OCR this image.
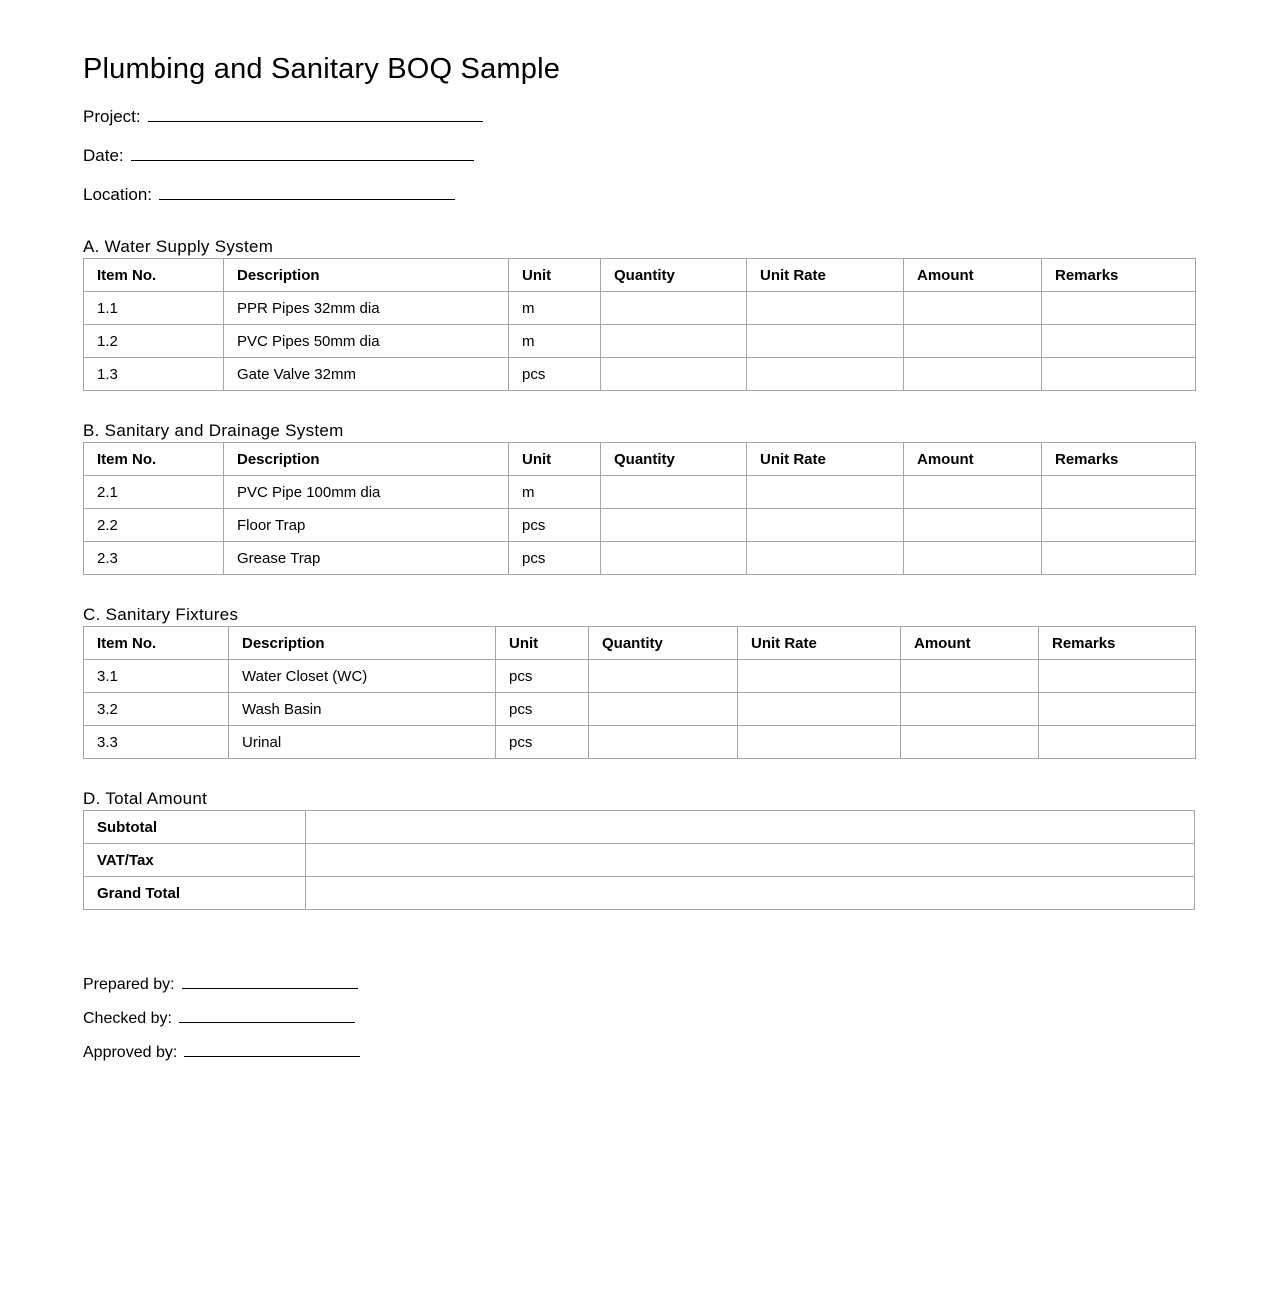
Plumbing and Sanitary BOQ Sample
Project:
Date:
Location:
A. Water Supply System
Item No.	Description	Unit	Quantity	Unit Rate	Amount	Remarks
1.1	PPR Pipes 32mm dia	m				
1.2	PVC Pipes 50mm dia	m				
1.3	Gate Valve 32mm	pcs				
B. Sanitary and Drainage System
Item No.	Description	Unit	Quantity	Unit Rate	Amount	Remarks
2.1	PVC Pipe 100mm dia	m				
2.2	Floor Trap	pcs				
2.3	Grease Trap	pcs				
C. Sanitary Fixtures
Item No.	Description	Unit	Quantity	Unit Rate	Amount	Remarks
3.1	Water Closet (WC)	pcs				
3.2	Wash Basin	pcs				
3.3	Urinal	pcs				
D. Total Amount
Subtotal	
VAT/Tax	
Grand Total	
Prepared by:
Checked by:
Approved by:
